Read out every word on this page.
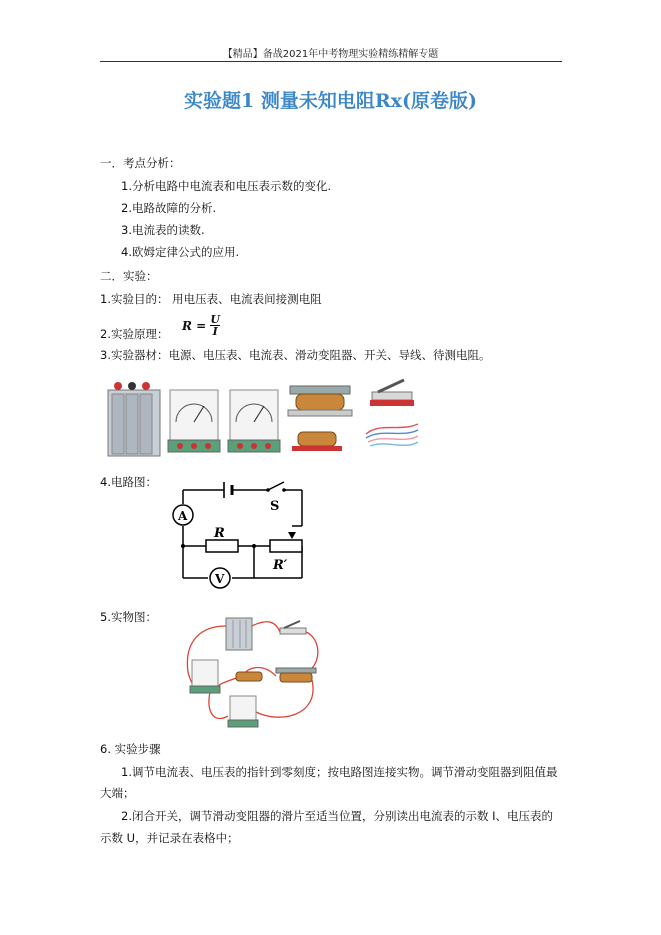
【精品】备战2021年中考物理实验精练精解专题
实验题1 测量未知电阻Rx(原卷版)
一．考点分析：
1.分析电路中电流表和电压表示数的变化.
2.电路故障的分析.
3.电流表的读数.
4.欧姆定律公式的应用.
二．实验：
1.实验目的： 用电压表、电流表间接测电阻
2.实验原理：
$R = \frac{U}{I}$
3.实验器材：电源、电压表、电流表、滑动变阻器、开关、导线、待测电阻。
4.电路图：
S
A
R
R′
V
5.实物图：
6. 实验步骤
1.调节电流表、电压表的指针到零刻度；按电路图连接实物。调节滑动变阻器到阻值最
大端；
2.闭合开关，调节滑动变阻器的滑片至适当位置，分别读出电流表的示数 I、电压表的
示数 U，并记录在表格中；
